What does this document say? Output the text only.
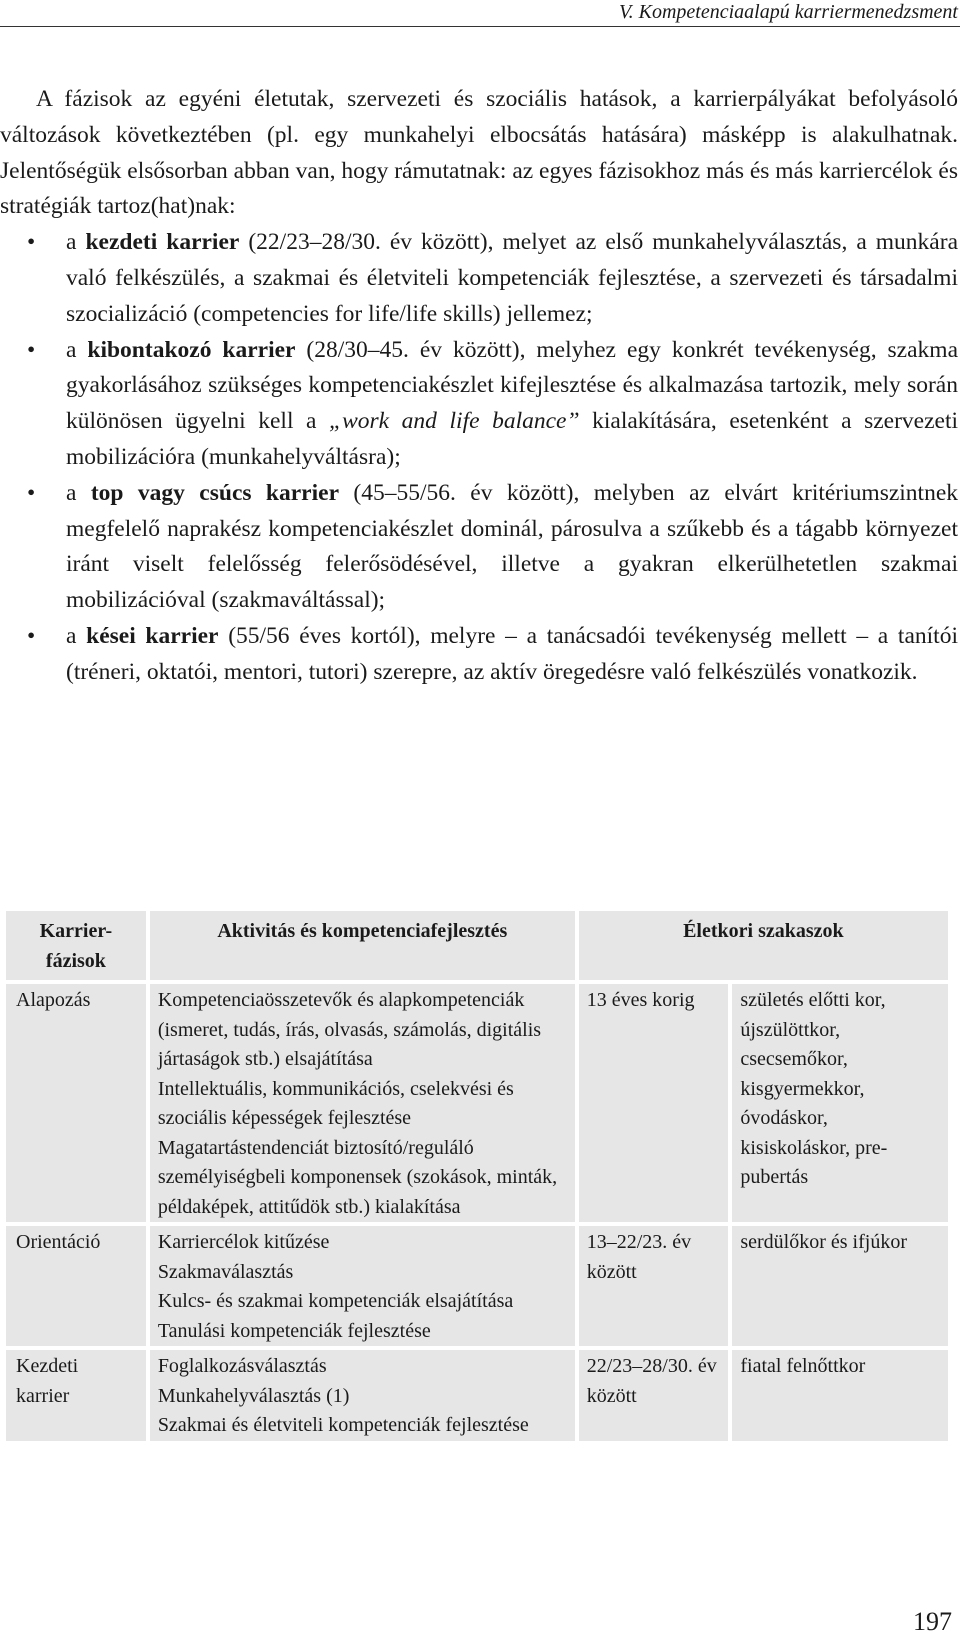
V. Kompetenciaalapú karriermenedzsment

A fázisok az egyéni életutak, szervezeti és szociális hatások, a karrierpályákat befolyásoló változások következtében (pl. egy munkahelyi elbocsátás hatására) másképp is alakulhatnak. Jelentőségük elsősorban abban van, hogy rámutatnak: az egyes fázisokhoz más és más karriercélok és stratégiák tartoz(hat)nak:

• a kezdeti karrier (22/23–28/30. év között), melyet az első munkahelyválasztás, a munkára való felkészülés, a szakmai és életviteli kompetenciák fejlesztése, a szervezeti és társadalmi szocializáció (competencies for life/life skills) jellemez;
• a kibontakozó karrier (28/30–45. év között), melyhez egy konkrét tevékenység, szakma gyakorlásához szükséges kompetenciakészlet kifejlesztése és alkalmazása tartozik, mely során különösen ügyelni kell a „work and life balance” kialakítására, esetenként a szervezeti mobilizációra (munkahelyváltásra);
• a top vagy csúcs karrier (45–55/56. év között), melyben az elvárt kritériumszintnek megfelelő naprakész kompetenciakészlet dominál, párosulva a szűkebb és a tágabb környezet iránt viselt felelősség felerősödésével, illetve a gyakran elkerülhetetlen szakmai mobilizációval (szakmaváltással);
• a kései karrier (55/56 éves kortól), melyre – a tanácsadói tevékenység mellett – a tanítói (tréneri, oktatói, mentori, tutori) szerepre, az aktív öregedésre való felkészülés vonatkozik.
Karrier-fázisok	Aktivitás és kompetenciafejlesztés	Életkori szakaszok	

Alapozás	Kompetenciaösszetevők és alapkompetenciák (ismeret, tudás, írás, olvasás, számolás, digitális jártaságok stb.) elsajátítása
Intellektuális, kommunikációs, cselekvési és szociális képességek fejlesztése
Magatartástendenciát biztosító/reguláló személyiségbeli komponensek (szokások, minták, példaképek, attitűdök stb.) kialakítása	13 éves korig	születés előtti kor, újszülöttkor, csecsemőkor, kisgyermekkor, óvodáskor, kisiskoláskor, pre-pubertás

Orientáció	Karriercélok kitűzése
Szakmaválasztás
Kulcs- és szakmai kompetenciák elsajátítása
Tanulási kompetenciák fejlesztése	13–22/23. év között	serdülőkor és ifjúkor

Kezdeti
karrier	Foglalkozásválasztás
Munkahelyválasztás (1)
Szakmai és életviteli kompetenciák fejlesztése	22/23–28/30. év között	fiatal felnőttkor
197
